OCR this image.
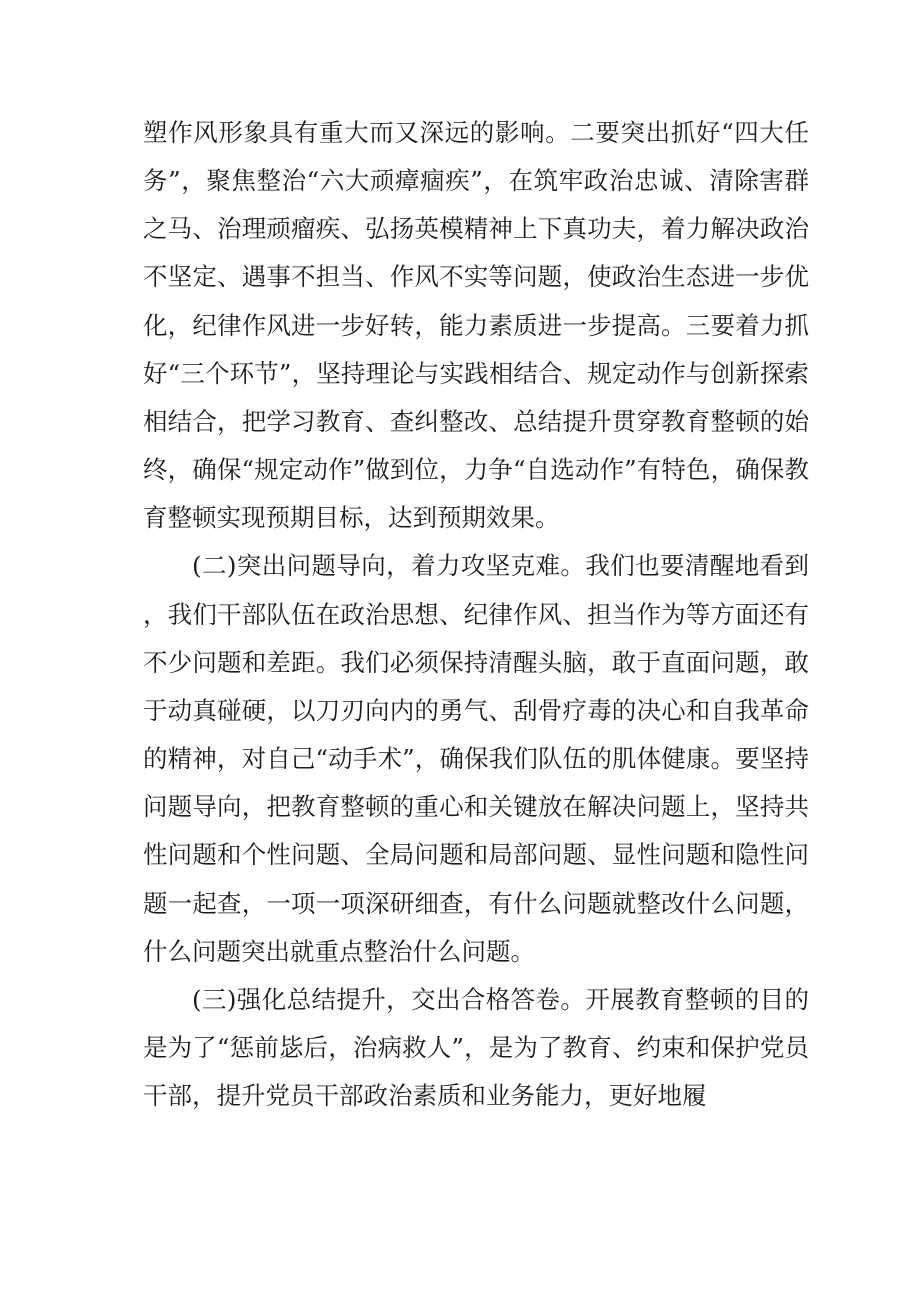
塑作风形象具有重大而又深远的影响。二要突出抓好“四大任务”，聚焦整治“六大顽瘴痼疾”，在筑牢政治忠诚、清除害群之马、治理顽瘤疾、弘扬英模精神上下真功夫，着力解决政治不坚定、遇事不担当、作风不实等问题，使政治生态进一步优化，纪律作风进一步好转，能力素质进一步提高。三要着力抓好“三个环节”，坚持理论与实践相结合、规定动作与创新探索相结合，把学习教育、查纠整改、总结提升贯穿教育整顿的始终，确保“规定动作”做到位，力争“自选动作”有特色，确保教育整顿实现预期目标，达到预期效果。

(二)突出问题导向，着力攻坚克难。我们也要清醒地看到，我们干部队伍在政治思想、纪律作风、担当作为等方面还有不少问题和差距。我们必须保持清醒头脑，敢于直面问题，敢于动真碰硬，以刀刃向内的勇气、刮骨疗毒的决心和自我革命的精神，对自己“动手术”，确保我们队伍的肌体健康。要坚持问题导向，把教育整顿的重心和关键放在解决问题上，坚持共性问题和个性问题、全局问题和局部问题、显性问题和隐性问题一起查，一项一项深研细查，有什么问题就整改什么问题，什么问题突出就重点整治什么问题。

(三)强化总结提升，交出合格答卷。开展教育整顿的目的是为了“惩前毖后，治病救人”，是为了教育、约束和保护党员干部，提升党员干部政治素质和业务能力，更好地履
